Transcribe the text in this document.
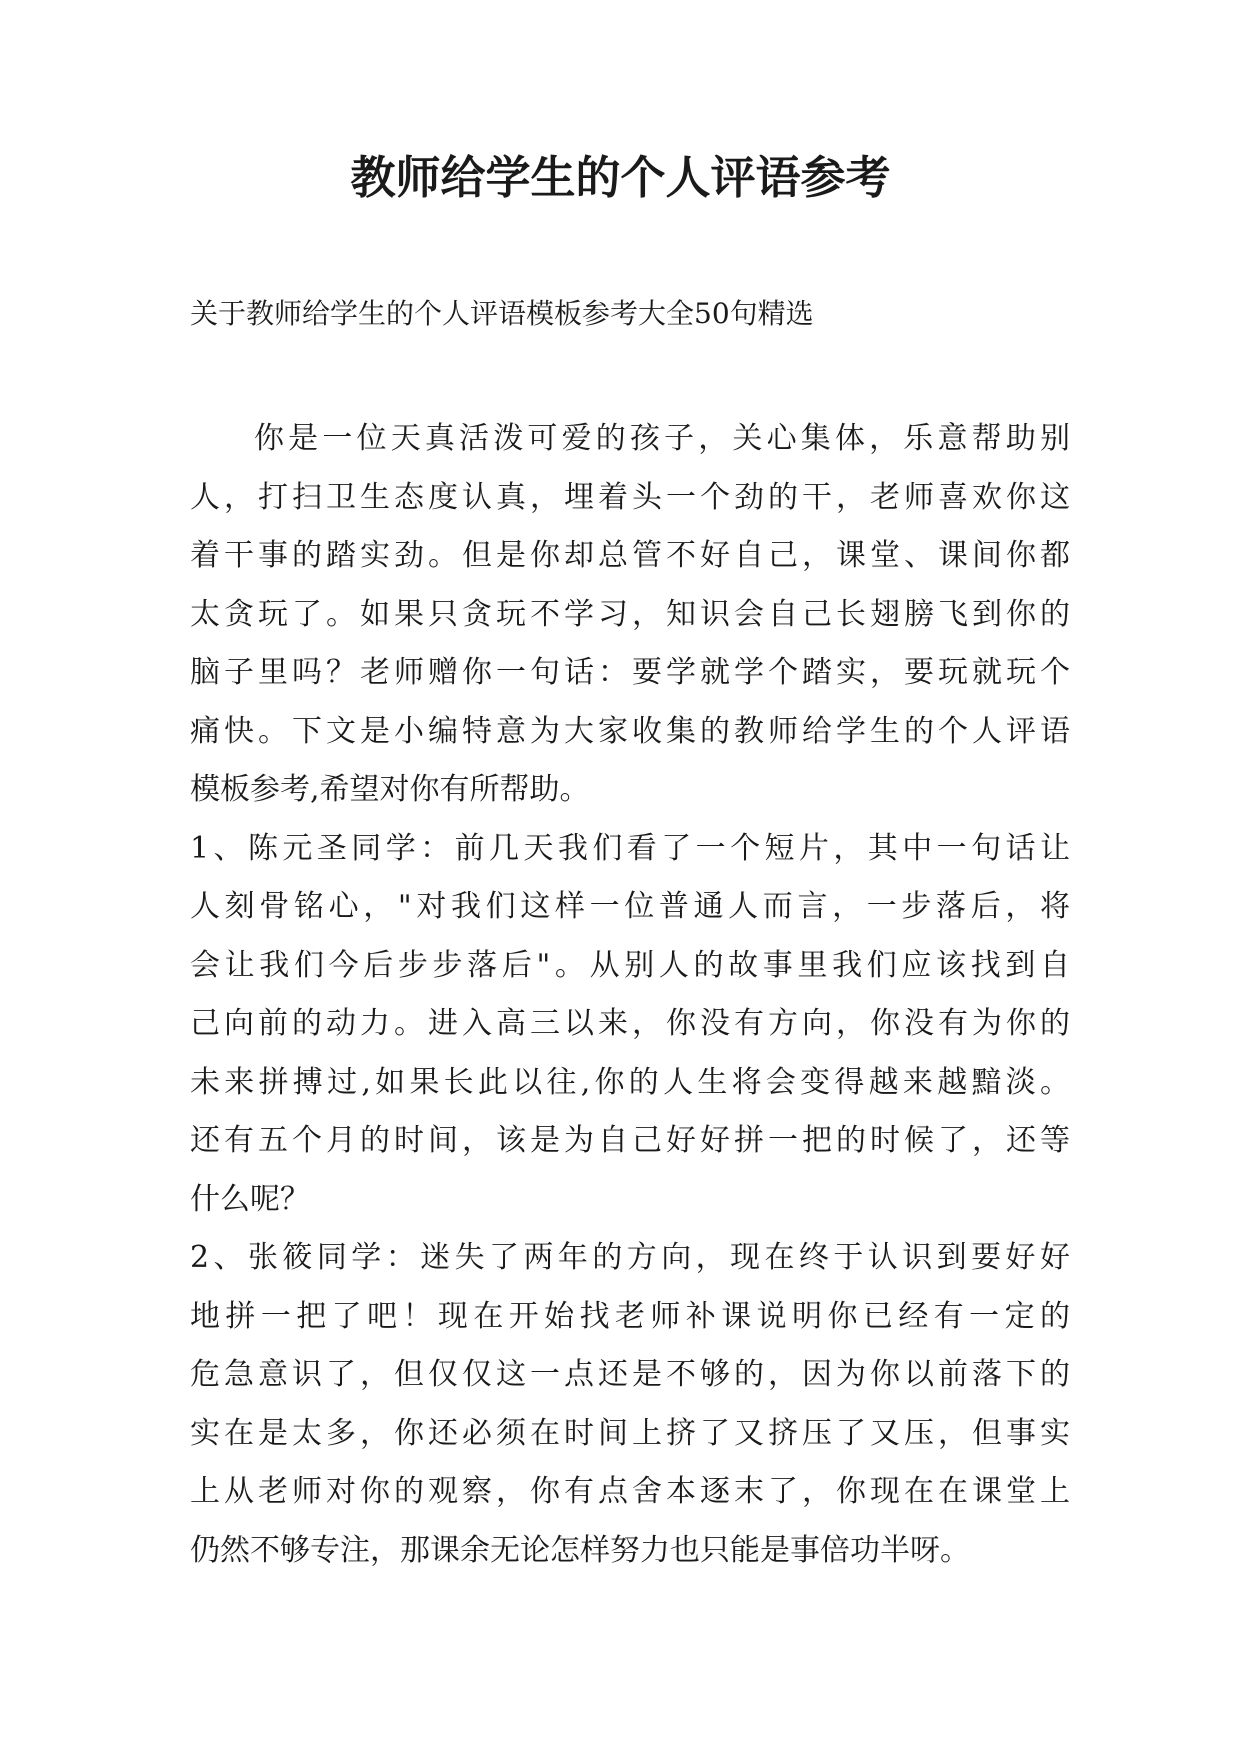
教师给学生的个人评语参考

关于教师给学生的个人评语模板参考大全50句精选

你是一位天真活泼可爱的孩子，关心集体，乐意帮助别
人，打扫卫生态度认真，埋着头一个劲的干，老师喜欢你这
着干事的踏实劲。但是你却总管不好自己，课堂、课间你都
太贪玩了。如果只贪玩不学习，知识会自己长翅膀飞到你的
脑子里吗？老师赠你一句话：要学就学个踏实，要玩就玩个
痛快。下文是小编特意为大家收集的教师给学生的个人评语
模板参考,希望对你有所帮助。
1、陈元圣同学：前几天我们看了一个短片，其中一句话让
人刻骨铭心，"对我们这样一位普通人而言，一步落后，将
会让我们今后步步落后"。从别人的故事里我们应该找到自
己向前的动力。进入高三以来，你没有方向，你没有为你的
未来拼搏过,如果长此以往,你的人生将会变得越来越黯淡。
还有五个月的时间，该是为自己好好拼一把的时候了，还等
什么呢？
2、张筱同学：迷失了两年的方向，现在终于认识到要好好
地拼一把了吧！现在开始找老师补课说明你已经有一定的
危急意识了，但仅仅这一点还是不够的，因为你以前落下的
实在是太多，你还必须在时间上挤了又挤压了又压，但事实
上从老师对你的观察，你有点舍本逐末了，你现在在课堂上
仍然不够专注，那课余无论怎样努力也只能是事倍功半呀。
